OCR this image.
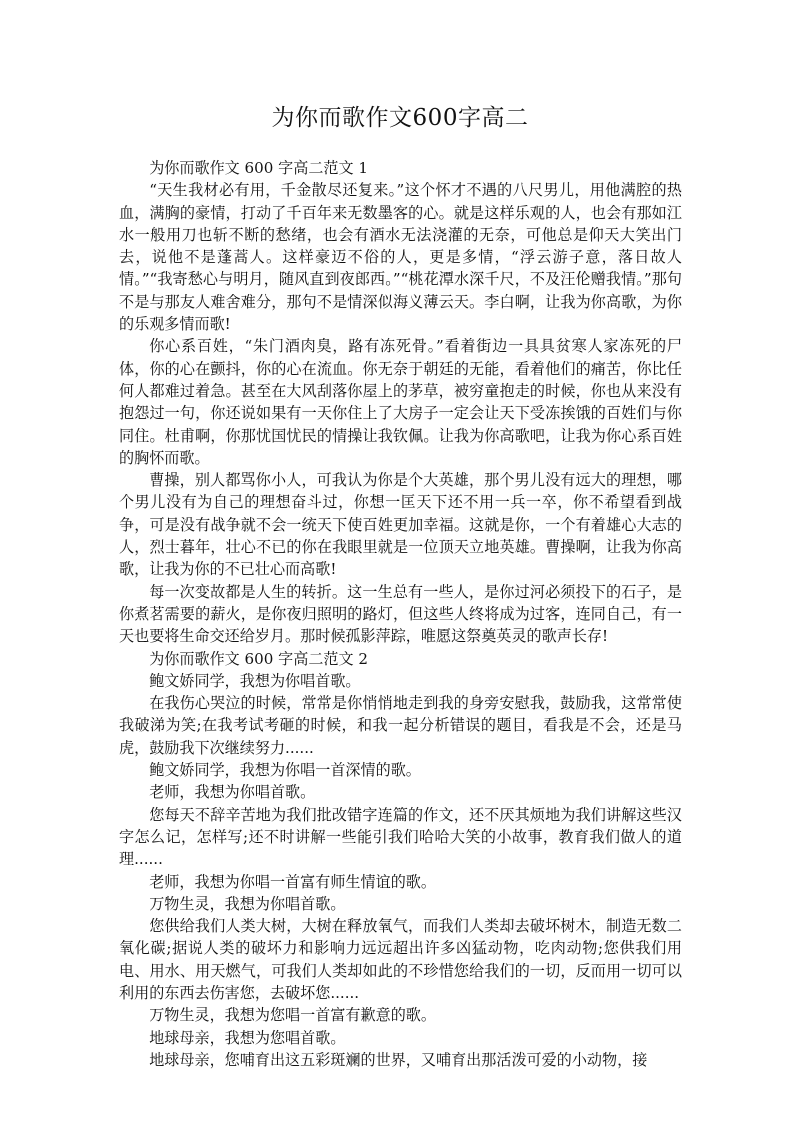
为你而歌作文600字高二

为你而歌作文 600 字高二范文 1

“天生我材必有用，千金散尽还复来。”这个怀才不遇的八尺男儿，用他满腔的热血，满胸的豪情，打动了千百年来无数墨客的心。就是这样乐观的人，也会有那如江水一般用刀也斩不断的愁绪，也会有酒水无法浇灌的无奈，可他总是仰天大笑出门去，说他不是蓬蒿人。这样豪迈不俗的人，更是多情，“浮云游子意，落日故人情。”“我寄愁心与明月，随风直到夜郎西。”“桃花潭水深千尺，不及汪伦赠我情。”那句不是与那友人难舍难分，那句不是情深似海义薄云天。李白啊，让我为你高歌，为你的乐观多情而歌!

你心系百姓，“朱门酒肉臭，路有冻死骨。”看着街边一具具贫寒人家冻死的尸体，你的心在颤抖，你的心在流血。你无奈于朝廷的无能，看着他们的痛苦，你比任何人都难过着急。甚至在大风刮落你屋上的茅草，被穷童抱走的时候，你也从来没有抱怨过一句，你还说如果有一天你住上了大房子一定会让天下受冻挨饿的百姓们与你同住。杜甫啊，你那忧国忧民的情操让我钦佩。让我为你高歌吧，让我为你心系百姓的胸怀而歌。

曹操，别人都骂你小人，可我认为你是个大英雄，那个男儿没有远大的理想，哪个男儿没有为自己的理想奋斗过，你想一匡天下还不用一兵一卒，你不希望看到战争，可是没有战争就不会一统天下使百姓更加幸福。这就是你，一个有着雄心大志的人，烈士暮年，壮心不已的你在我眼里就是一位顶天立地英雄。曹操啊，让我为你高歌，让我为你的不已壮心而高歌!

每一次变故都是人生的转折。这一生总有一些人，是你过河必须投下的石子，是你煮茗需要的薪火，是你夜归照明的路灯，但这些人终将成为过客，连同自己，有一天也要将生命交还给岁月。那时候孤影萍踪，唯愿这祭奠英灵的歌声长存!

为你而歌作文 600 字高二范文 2

鲍文娇同学，我想为你唱首歌。

在我伤心哭泣的时候，常常是你悄悄地走到我的身旁安慰我，鼓励我，这常常使我破涕为笑;在我考试考砸的时候，和我一起分析错误的题目，看我是不会，还是马虎，鼓励我下次继续努力......

鲍文娇同学，我想为你唱一首深情的歌。

老师，我想为你唱首歌。

您每天不辞辛苦地为我们批改错字连篇的作文，还不厌其烦地为我们讲解这些汉字怎么记，怎样写;还不时讲解一些能引我们哈哈大笑的小故事，教育我们做人的道理......

老师，我想为你唱一首富有师生情谊的歌。

万物生灵，我想为你唱首歌。

您供给我们人类大树，大树在释放氧气，而我们人类却去破坏树木，制造无数二氧化碳;据说人类的破坏力和影响力远远超出许多凶猛动物，吃肉动物;您供我们用电、用水、用天燃气，可我们人类却如此的不珍惜您给我们的一切，反而用一切可以利用的东西去伤害您，去破坏您......

万物生灵，我想为您唱一首富有歉意的歌。

地球母亲，我想为您唱首歌。

地球母亲，您哺育出这五彩斑斓的世界，又哺育出那活泼可爱的小动物，接
